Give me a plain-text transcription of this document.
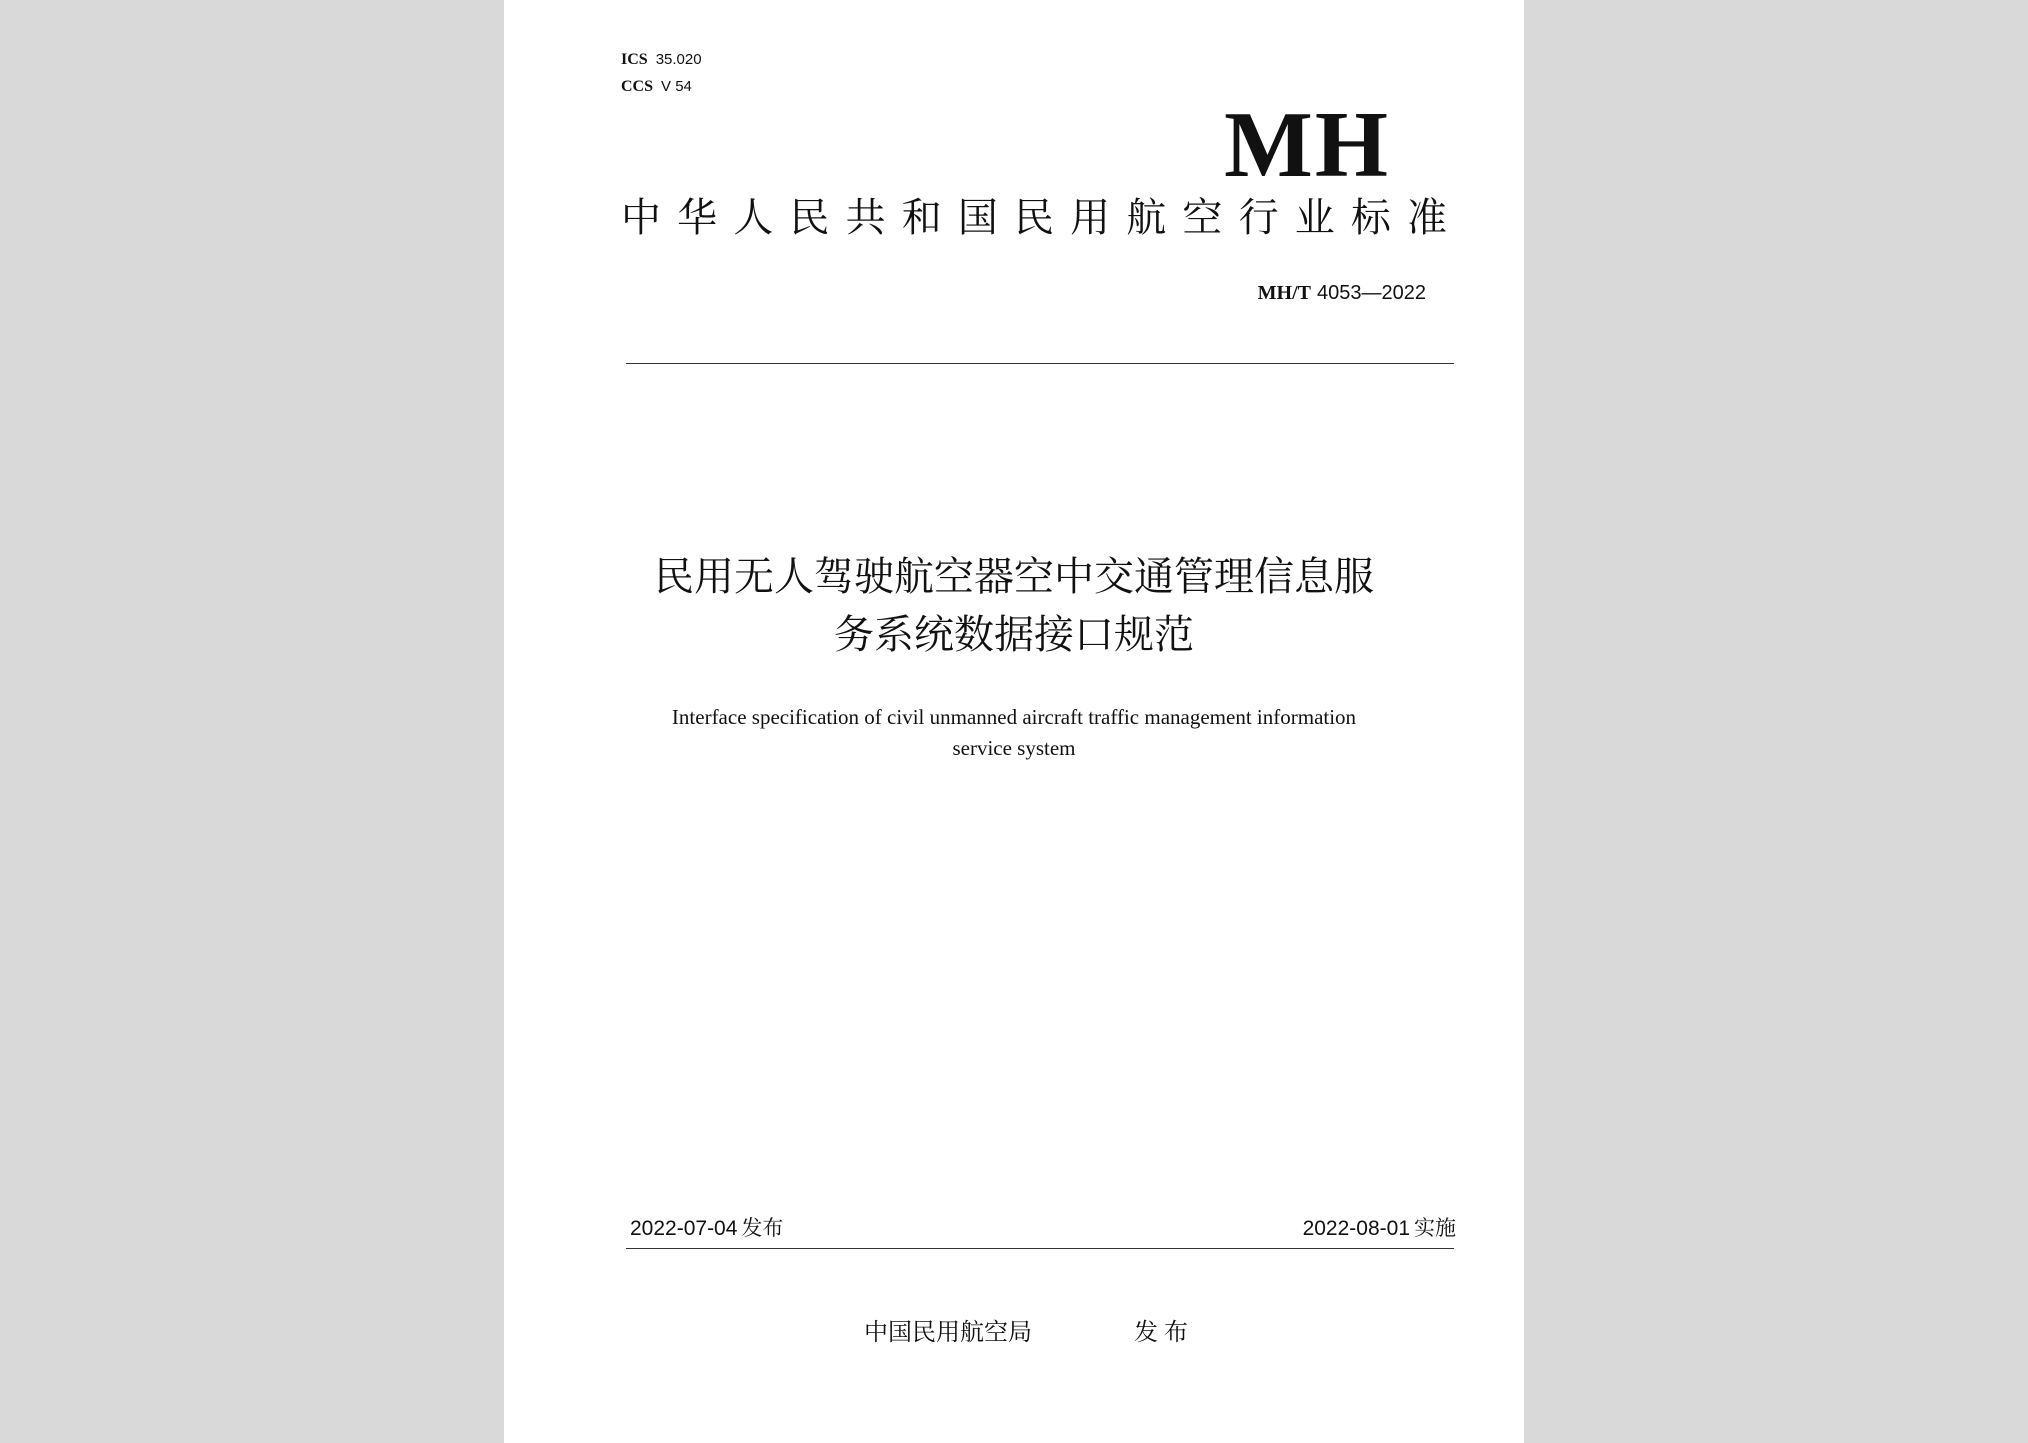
ICS 35.020
CCS V 54
MH
中华人民共和国民用航空行业标准
MH/T 4053—2022
民用无人驾驶航空器空中交通管理信息服
务系统数据接口规范
Interface specification of civil unmanned aircraft traffic management information
service system
2022-07-04 发布	2022-08-01 实施
中国民用航空局	发布
